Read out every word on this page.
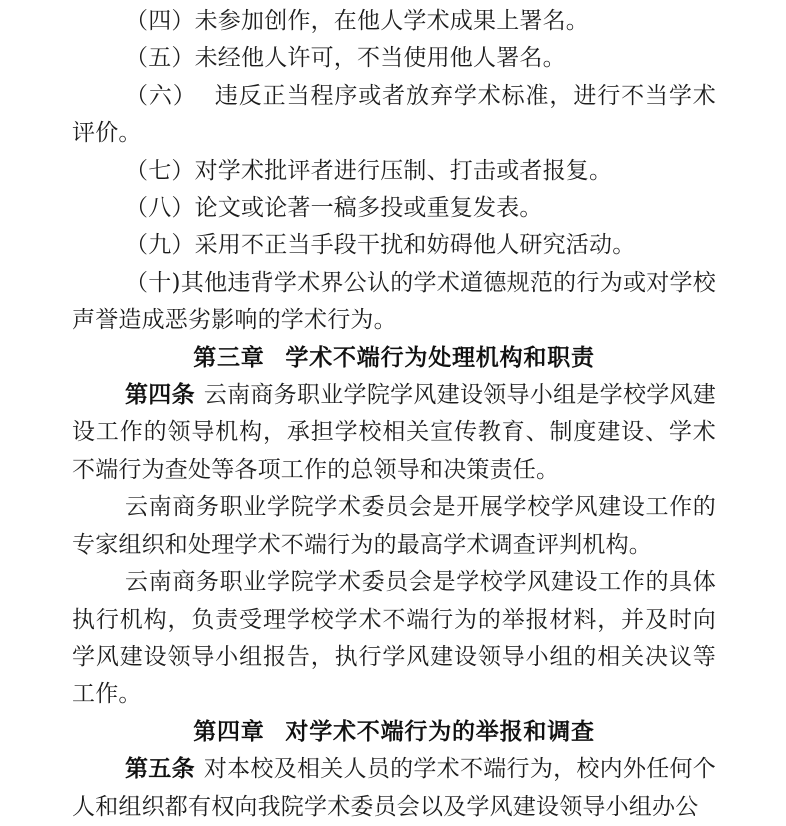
（四）未参加创作，在他人学术成果上署名。

（五）未经他人许可，不当使用他人署名。

（六） 违反正当程序或者放弃学术标准，进行不当学术评价。

（七）对学术批评者进行压制、打击或者报复。

（八）论文或论著一稿多投或重复发表。

（九）采用不正当手段干扰和妨碍他人研究活动。

（十)其他违背学术界公认的学术道德规范的行为或对学校声誉造成恶劣影响的学术行为。

第三章 学术不端行为处理机构和职责

第四条 云南商务职业学院学风建设领导小组是学校学风建设工作的领导机构，承担学校相关宣传教育、制度建设、学术不端行为查处等各项工作的总领导和决策责任。

云南商务职业学院学术委员会是开展学校学风建设工作的专家组织和处理学术不端行为的最高学术调查评判机构。

云南商务职业学院学术委员会是学校学风建设工作的具体执行机构，负责受理学校学术不端行为的举报材料，并及时向学风建设领导小组报告，执行学风建设领导小组的相关决议等工作。

第四章 对学术不端行为的举报和调查

第五条 对本校及相关人员的学术不端行为，校内外任何个人和组织都有权向我院学术委员会以及学风建设领导小组办公
